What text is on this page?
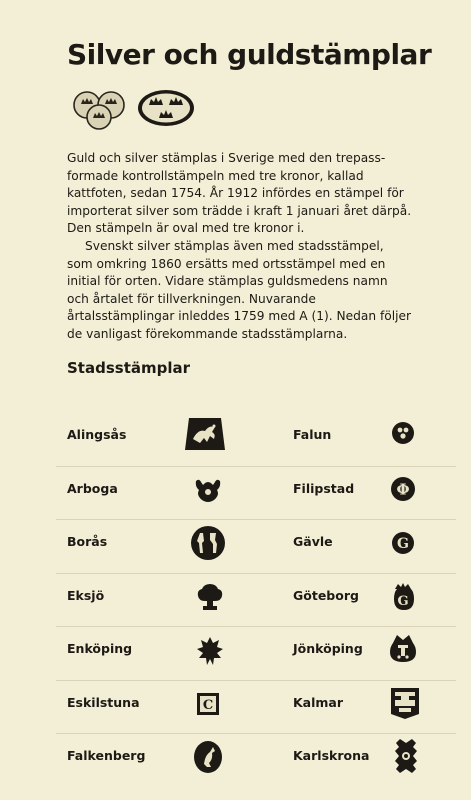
Silver och guldstämplar

Guld och silver stämplas i Sverige med den trepass-formade kontrollstämpeln med tre kronor, kallad kattfoten, sedan 1754. År 1912 infördes en stämpel för importerat silver som trädde i kraft 1 januari året därpå. Den stämpeln är oval med tre kronor i.

Svenskt silver stämplas även med stadsstämpel, som omkring 1860 ersätts med ortsstämpel med en initial för orten. Vidare stämplas guldsmedens namn och årtalet för tillverkningen. Nuvarande årtalsstämplingar inleddes 1759 med A (1). Nedan följer de vanligast förekommande stadsstämplarna.

Stadsstämplar
Alingsås	Falun
Arboga	Filipstad	Φ
Borås	Gävle	G
Eksjö	Göteborg	G
Enköping	Jönköping
Eskilstuna	C	Kalmar
Falkenberg	Karlskrona
